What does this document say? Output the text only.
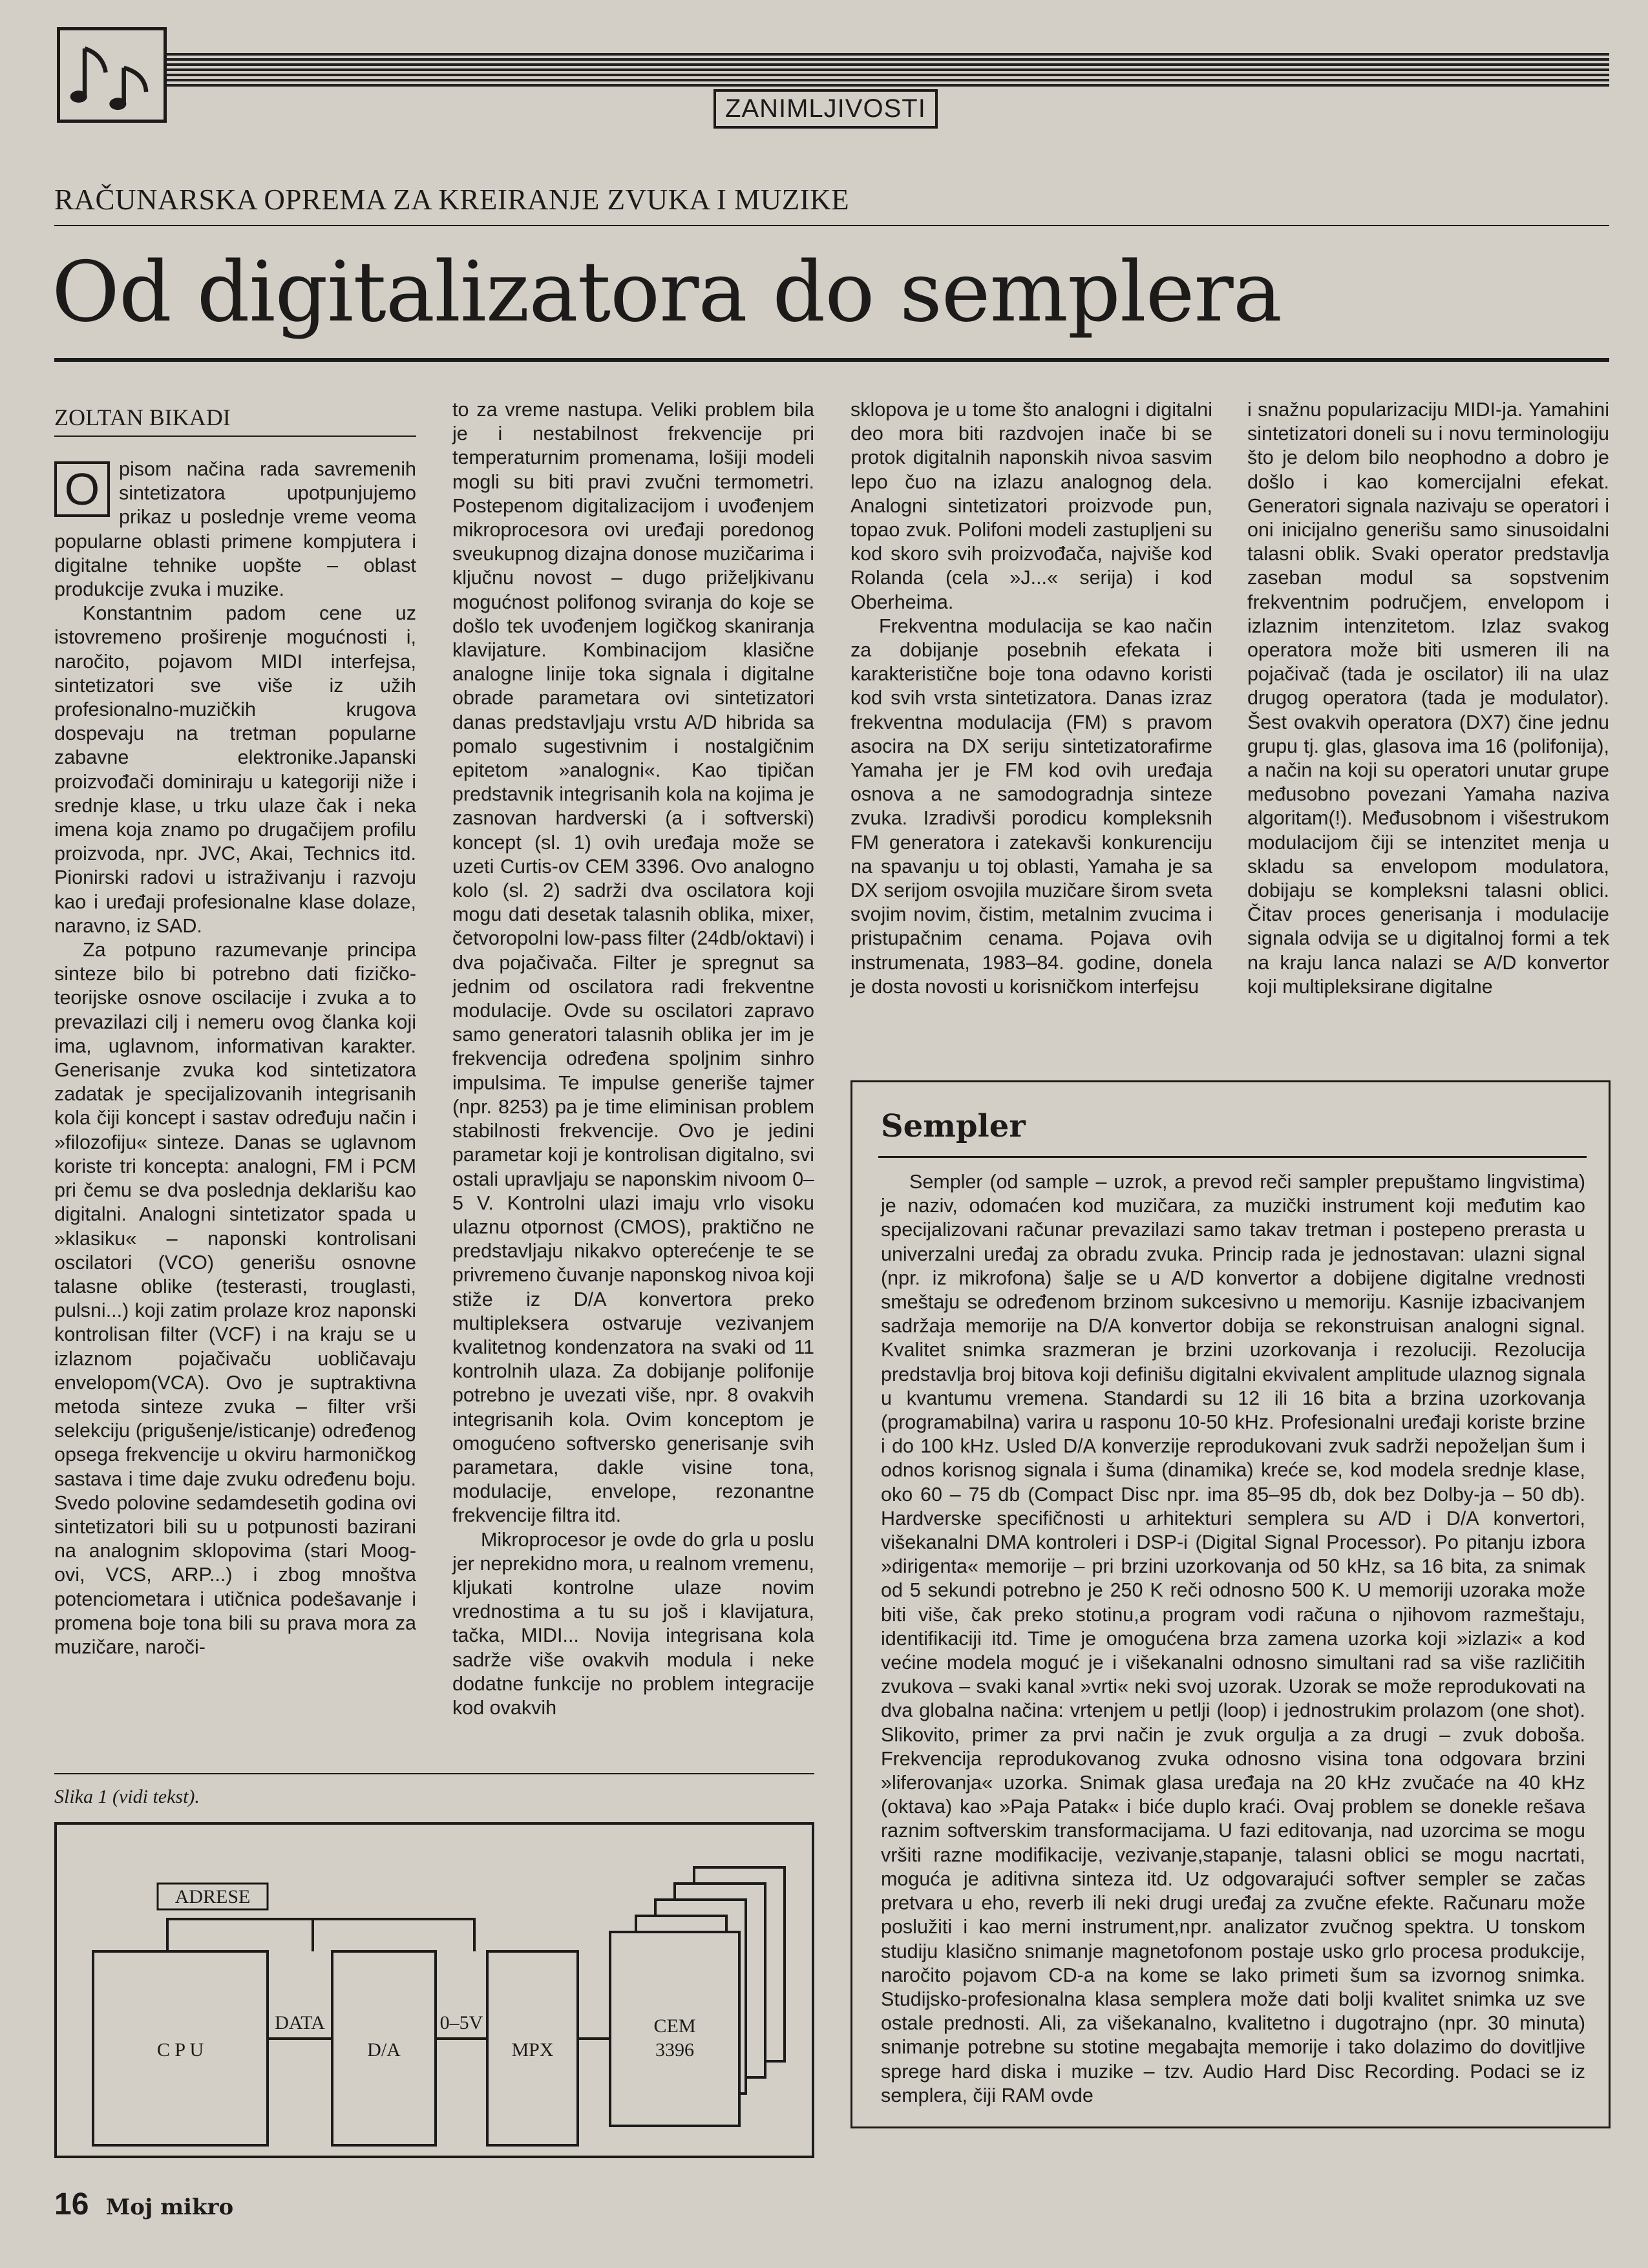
ZANIMLJIVOSTI
RAČUNARSKA OPREMA ZA KREIRANJE ZVUKA I MUZIKE
Od digitalizatora do semplera
ZOLTAN BIKADI

O pisom načina rada savremenih sintetizatora upotpunjujemo prikaz u poslednje vreme veoma popularne oblasti primene kompjutera i digitalne tehnike uopšte – oblast produkcije zvuka i muzike.

Konstantnim padom cene uz istovremeno proširenje mogućnosti i, naročito, pojavom MIDI interfejsa, sintetizatori sve više iz užih profesionalno-muzičkih krugova dospevaju na tretman popularne zabavne elektronike.Japanski proizvođači dominiraju u kategoriji niže i srednje klase, u trku ulaze čak i neka imena koja znamo po drugačijem profilu proizvoda, npr. JVC, Akai, Technics itd. Pionirski radovi u istraživanju i razvoju kao i uređaji profesionalne klase dolaze, naravno, iz SAD.

Za potpuno razumevanje principa sinteze bilo bi potrebno dati fizičko-teorijske osnove oscilacije i zvuka a to prevazilazi cilj i nemeru ovog članka koji ima, uglavnom, informativan karakter. Generisanje zvuka kod sintetizatora zadatak je specijalizovanih integrisanih kola čiji koncept i sastav određuju način i »filozofiju« sinteze. Danas se uglavnom koriste tri koncepta: analogni, FM i PCM pri čemu se dva poslednja deklarišu kao digitalni. Analogni sintetizator spada u »klasiku« – naponski kontrolisani oscilatori (VCO) generišu osnovne talasne oblike (testerasti, trouglasti, pulsni...) koji zatim prolaze kroz naponski kontrolisan filter (VCF) i na kraju se u izlaznom pojačivaču uobličavaju envelopom(VCA). Ovo je suptraktivna metoda sinteze zvuka – filter vrši selekciju (prigušenje/isticanje) određenog opsega frekvencije u okviru harmoničkog sastava i time daje zvuku određenu boju. Svedo polovine sedamdesetih godina ovi sintetizatori bili su u potpunosti bazirani na analognim sklopovima (stari Moog-ovi, VCS, ARP...) i zbog mnoštva potenciometara i utičnica podešavanje i promena boje tona bili su prava mora za muzičare, naroči-

to za vreme nastupa. Veliki problem bila je i nestabilnost frekvencije pri temperaturnim promenama, lošiji modeli mogli su biti pravi zvučni termometri. Postepenom digitalizacijom i uvođenjem mikroprocesora ovi uređaji poredonog sveukupnog dizajna donose muzičarima i ključnu novost – dugo priželjkivanu mogućnost polifonog sviranja do koje se došlo tek uvođenjem logičkog skaniranja klavijature. Kombinacijom klasične analogne linije toka signala i digitalne obrade parametara ovi sintetizatori danas predstavljaju vrstu A/D hibrida sa pomalo sugestivnim i nostalgičnim epitetom »analogni«. Kao tipičan predstavnik integrisanih kola na kojima je zasnovan hardverski (a i softverski) koncept (sl. 1) ovih uređaja može se uzeti Curtis-ov CEM 3396. Ovo analogno kolo (sl. 2) sadrži dva oscilatora koji mogu dati desetak talasnih oblika, mixer, četvoropolni low-pass filter (24db/oktavi) i dva pojačivača. Filter je spregnut sa jednim od oscilatora radi frekventne modulacije. Ovde su oscilatori zapravo samo generatori talasnih oblika jer im je frekvencija određena spoljnim sinhro impulsima. Te impulse generiše tajmer (npr. 8253) pa je time eliminisan problem stabilnosti frekvencije. Ovo je jedini parametar koji je kontrolisan digitalno, svi ostali upravljaju se naponskim nivoom 0–5 V. Kontrolni ulazi imaju vrlo visoku ulaznu otpornost (CMOS), praktično ne predstavljaju nikakvo opterećenje te se privremeno čuvanje naponskog nivoa koji stiže iz D/A konvertora preko multipleksera ostvaruje vezivanjem kvalitetnog kondenzatora na svaki od 11 kontrolnih ulaza. Za dobijanje polifonije potrebno je uvezati više, npr. 8 ovakvih integrisanih kola. Ovim konceptom je omogućeno softversko generisanje svih parametara, dakle visine tona, modulacije, envelope, rezonantne frekvencije filtra itd.

Mikroprocesor je ovde do grla u poslu jer neprekidno mora, u realnom vremenu, kljukati kontrolne ulaze novim vrednostima a tu su još i klavijatura, tačka, MIDI... Novija integrisana kola sadrže više ovakvih modula i neke dodatne funkcije no problem integracije kod ovakvih

sklopova je u tome što analogni i digitalni deo mora biti razdvojen inače bi se protok digitalnih naponskih nivoa sasvim lepo čuo na izlazu analognog dela. Analogni sintetizatori proizvode pun, topao zvuk. Polifoni modeli zastupljeni su kod skoro svih proizvođača, najviše kod Rolanda (cela »J...« serija) i kod Oberheima.

Frekventna modulacija se kao način za dobijanje posebnih efekata i karakteristične boje tona odavno koristi kod svih vrsta sintetizatora. Danas izraz frekventna modulacija (FM) s pravom asocira na DX seriju sintetizatorafirme Yamaha jer je FM kod ovih uređaja osnova a ne samodogradnja sinteze zvuka. Izradivši porodicu kompleksnih FM generatora i zatekavši konkurenciju na spavanju u toj oblasti, Yamaha je sa DX serijom osvojila muzičare širom sveta svojim novim, čistim, metalnim zvucima i pristupačnim cenama. Pojava ovih instrumenata, 1983–84. godine, donela je dosta novosti u korisničkom interfejsu

i snažnu popularizaciju MIDI-ja. Yamahini sintetizatori doneli su i novu terminologiju što je delom bilo neophodno a dobro je došlo i kao komercijalni efekat. Generatori signala nazivaju se operatori i oni inicijalno generišu samo sinusoidalni talasni oblik. Svaki operator predstavlja zaseban modul sa sopstvenim frekventnim područjem, envelopom i izlaznim intenzitetom. Izlaz svakog operatora može biti usmeren ili na pojačivač (tada je oscilator) ili na ulaz drugog operatora (tada je modulator). Šest ovakvih operatora (DX7) čine jednu grupu tj. glas, glasova ima 16 (polifonija), a način na koji su operatori unutar grupe međusobno povezani Yamaha naziva algoritam(!). Međusobnom i višestrukom modulacijom čiji se intenzitet menja u skladu sa envelopom modulatora, dobijaju se kompleksni talasni oblici. Čitav proces generisanja i modulacije signala odvija se u digitalnoj formi a tek na kraju lanca nalazi se A/D konvertor koji multipleksirane digitalne

Sempler

Sempler (od sample – uzrok, a prevod reči sampler prepuštamo lingvistima) je naziv, odomaćen kod muzičara, za muzički instrument koji međutim kao specijalizovani računar prevazilazi samo takav tretman i postepeno prerasta u univerzalni uređaj za obradu zvuka. Princip rada je jednostavan: ulazni signal (npr. iz mikrofona) šalje se u A/D konvertor a dobijene digitalne vrednosti smeštaju se određenom brzinom sukcesivno u memoriju. Kasnije izbacivanjem sadržaja memorije na D/A konvertor dobija se rekonstruisan analogni signal. Kvalitet snimka srazmeran je brzini uzorkovanja i rezoluciji. Rezolucija predstavlja broj bitova koji definišu digitalni ekvivalent amplitude ulaznog signala u kvantumu vremena. Standardi su 12 ili 16 bita a brzina uzorkovanja (programabilna) varira u rasponu 10-50 kHz. Profesionalni uređaji koriste brzine i do 100 kHz. Usled D/A konverzije reprodukovani zvuk sadrži nepoželjan šum i odnos korisnog signala i šuma (dinamika) kreće se, kod modela srednje klase, oko 60 – 75 db (Compact Disc npr. ima 85–95 db, dok bez Dolby-ja – 50 db). Hardverske specifičnosti u arhitekturi semplera su A/D i D/A konvertori, višekanalni DMA kontroleri i DSP-i (Digital Signal Processor). Po pitanju izbora »dirigenta« memorije – pri brzini uzorkovanja od 50 kHz, sa 16 bita, za snimak od 5 sekundi potrebno je 250 K reči odnosno 500 K. U memoriji uzoraka može biti više, čak preko stotinu,a program vodi računa o njihovom razmeštaju, identifikaciji itd. Time je omogućena brza zamena uzorka koji »izlazi« a kod većine modela moguć je i višekanalni odnosno simultani rad sa više različitih zvukova – svaki kanal »vrti« neki svoj uzorak. Uzorak se može reprodukovati na dva globalna načina: vrtenjem u petlji (loop) i jednostrukim prolazom (one shot). Slikovito, primer za prvi način je zvuk orgulja a za drugi – zvuk doboša. Frekvencija reprodukovanog zvuka odnosno visina tona odgovara brzini »liferovanja« uzorka. Snimak glasa uređaja na 20 kHz zvučaće na 40 kHz (oktava) kao »Paja Patak« i biće duplo kraći. Ovaj problem se donekle rešava raznim softverskim transformacijama. U fazi editovanja, nad uzorcima se mogu vršiti razne modifikacije, vezivanje,stapanje, talasni oblici se mogu nacrtati, moguća je aditivna sinteza itd. Uz odgovarajući softver sempler se začas pretvara u eho, reverb ili neki drugi uređaj za zvučne efekte. Računaru može poslužiti i kao merni instrument,npr. analizator zvučnog spektra. U tonskom studiju klasično snimanje magnetofonom postaje usko grlo procesa produkcije, naročito pojavom CD-a na kome se lako primeti šum sa izvornog snimka. Studijsko-profesionalna klasa semplera može dati bolji kvalitet snimka uz sve ostale prednosti. Ali, za višekanalno, kvalitetno i dugotrajno (npr. 30 minuta) snimanje potrebne su stotine megabajta memorije i tako dolazimo do dovitljive sprege hard diska i muzike – tzv. Audio Hard Disc Recording. Podaci se iz semplera, čiji RAM ovde

Slika 1 (vidi tekst).
ADRESE
C P U	D/A	MPX
CEM
3396
DATA	0–5V
16 Moj mikro
